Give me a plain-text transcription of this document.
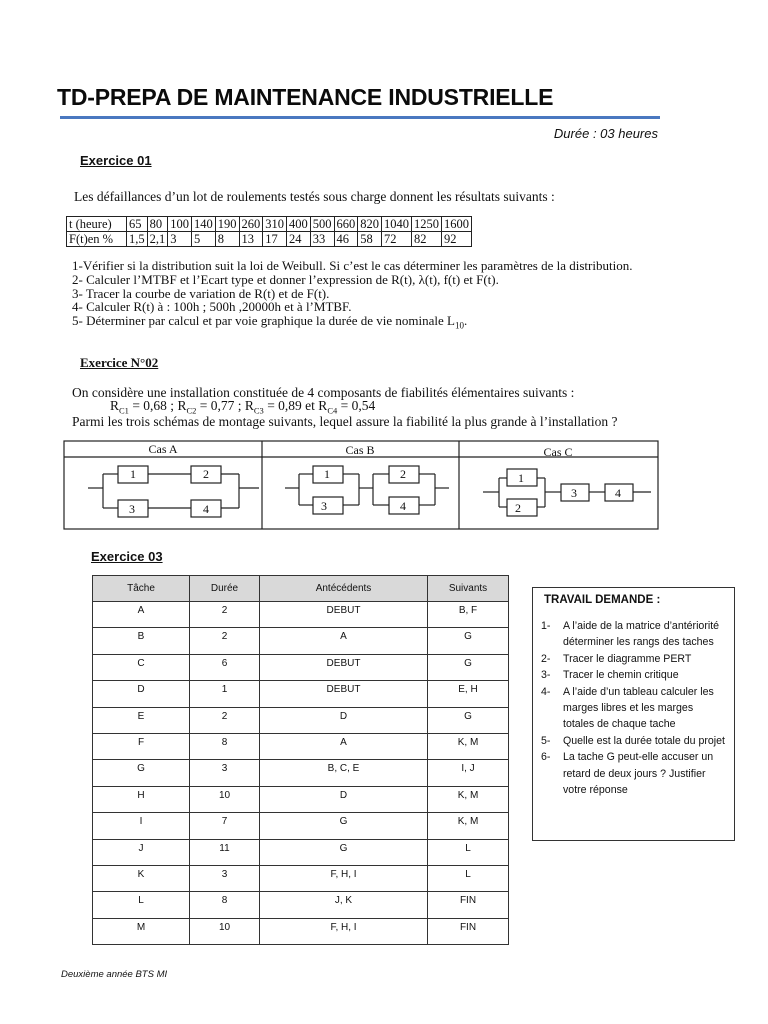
TD-PREPA DE MAINTENANCE INDUSTRIELLE
Durée : 03 heures
Exercice 01
Les défaillances d’un lot de roulements testés sous charge donnent les résultats suivants :
t (heure)	65	80	100	140	190	260	310	400	500	660	820	1040	1250	1600
F(t)en %	1,5	2,1	3	5	8	13	17	24	33	46	58	72	82	92
1-Vérifier si la distribution suit la loi de Weibull. Si c’est le cas déterminer les paramètres de la distribution.
2- Calculer l’MTBF et l’Ecart type et donner l’expression de R(t), λ(t), f(t) et F(t).
3- Tracer la courbe de variation de R(t) et de F(t).
4- Calculer R(t) à : 100h ; 500h ,20000h et à l’MTBF.
5- Déterminer par calcul et par voie graphique la durée de vie nominale $L_{10}$.
Exercice N°02
On considère une installation constituée de 4 composants de fiabilités élémentaires suivants :
$R_{C1} = 0,68$ ; $R_{C2} = 0,77$ ; $R_{C3} = 0,89$ et $R_{C4} = 0,54$
Parmi les trois schémas de montage suivants, lequel assure la fiabilité la plus grande à l’installation ?
Cas A	Cas B	Cas C
1	2
3	4
1
3
2
4
1
2
3	4
Exercice 03
Tâche	Durée	Antécédents	Suivants
A	2	DEBUT	B, F
B	2	A	G
C	6	DEBUT	G
D	1	DEBUT	E, H
E	2	D	G
F	8	A	K, M
G	3	B, C, E	I, J
H	10	D	K, M
I	7	G	K, M
J	11	G	L
K	3	F, H, I	L
L	8	J, K	FIN
M	10	F, H, I	FIN
TRAVAIL DEMANDE :
1-	A l’aide de la matrice d’antériorité déterminer les rangs des taches
2-	Tracer le diagramme PERT
3-	Tracer le chemin critique
4-	A l’aide d’un tableau calculer les marges libres et les marges totales de chaque tache
5-	Quelle est la durée totale du projet
6-	La tache G peut-elle accuser un retard de deux jours ? Justifier votre réponse
Deuxième année BTS MI
